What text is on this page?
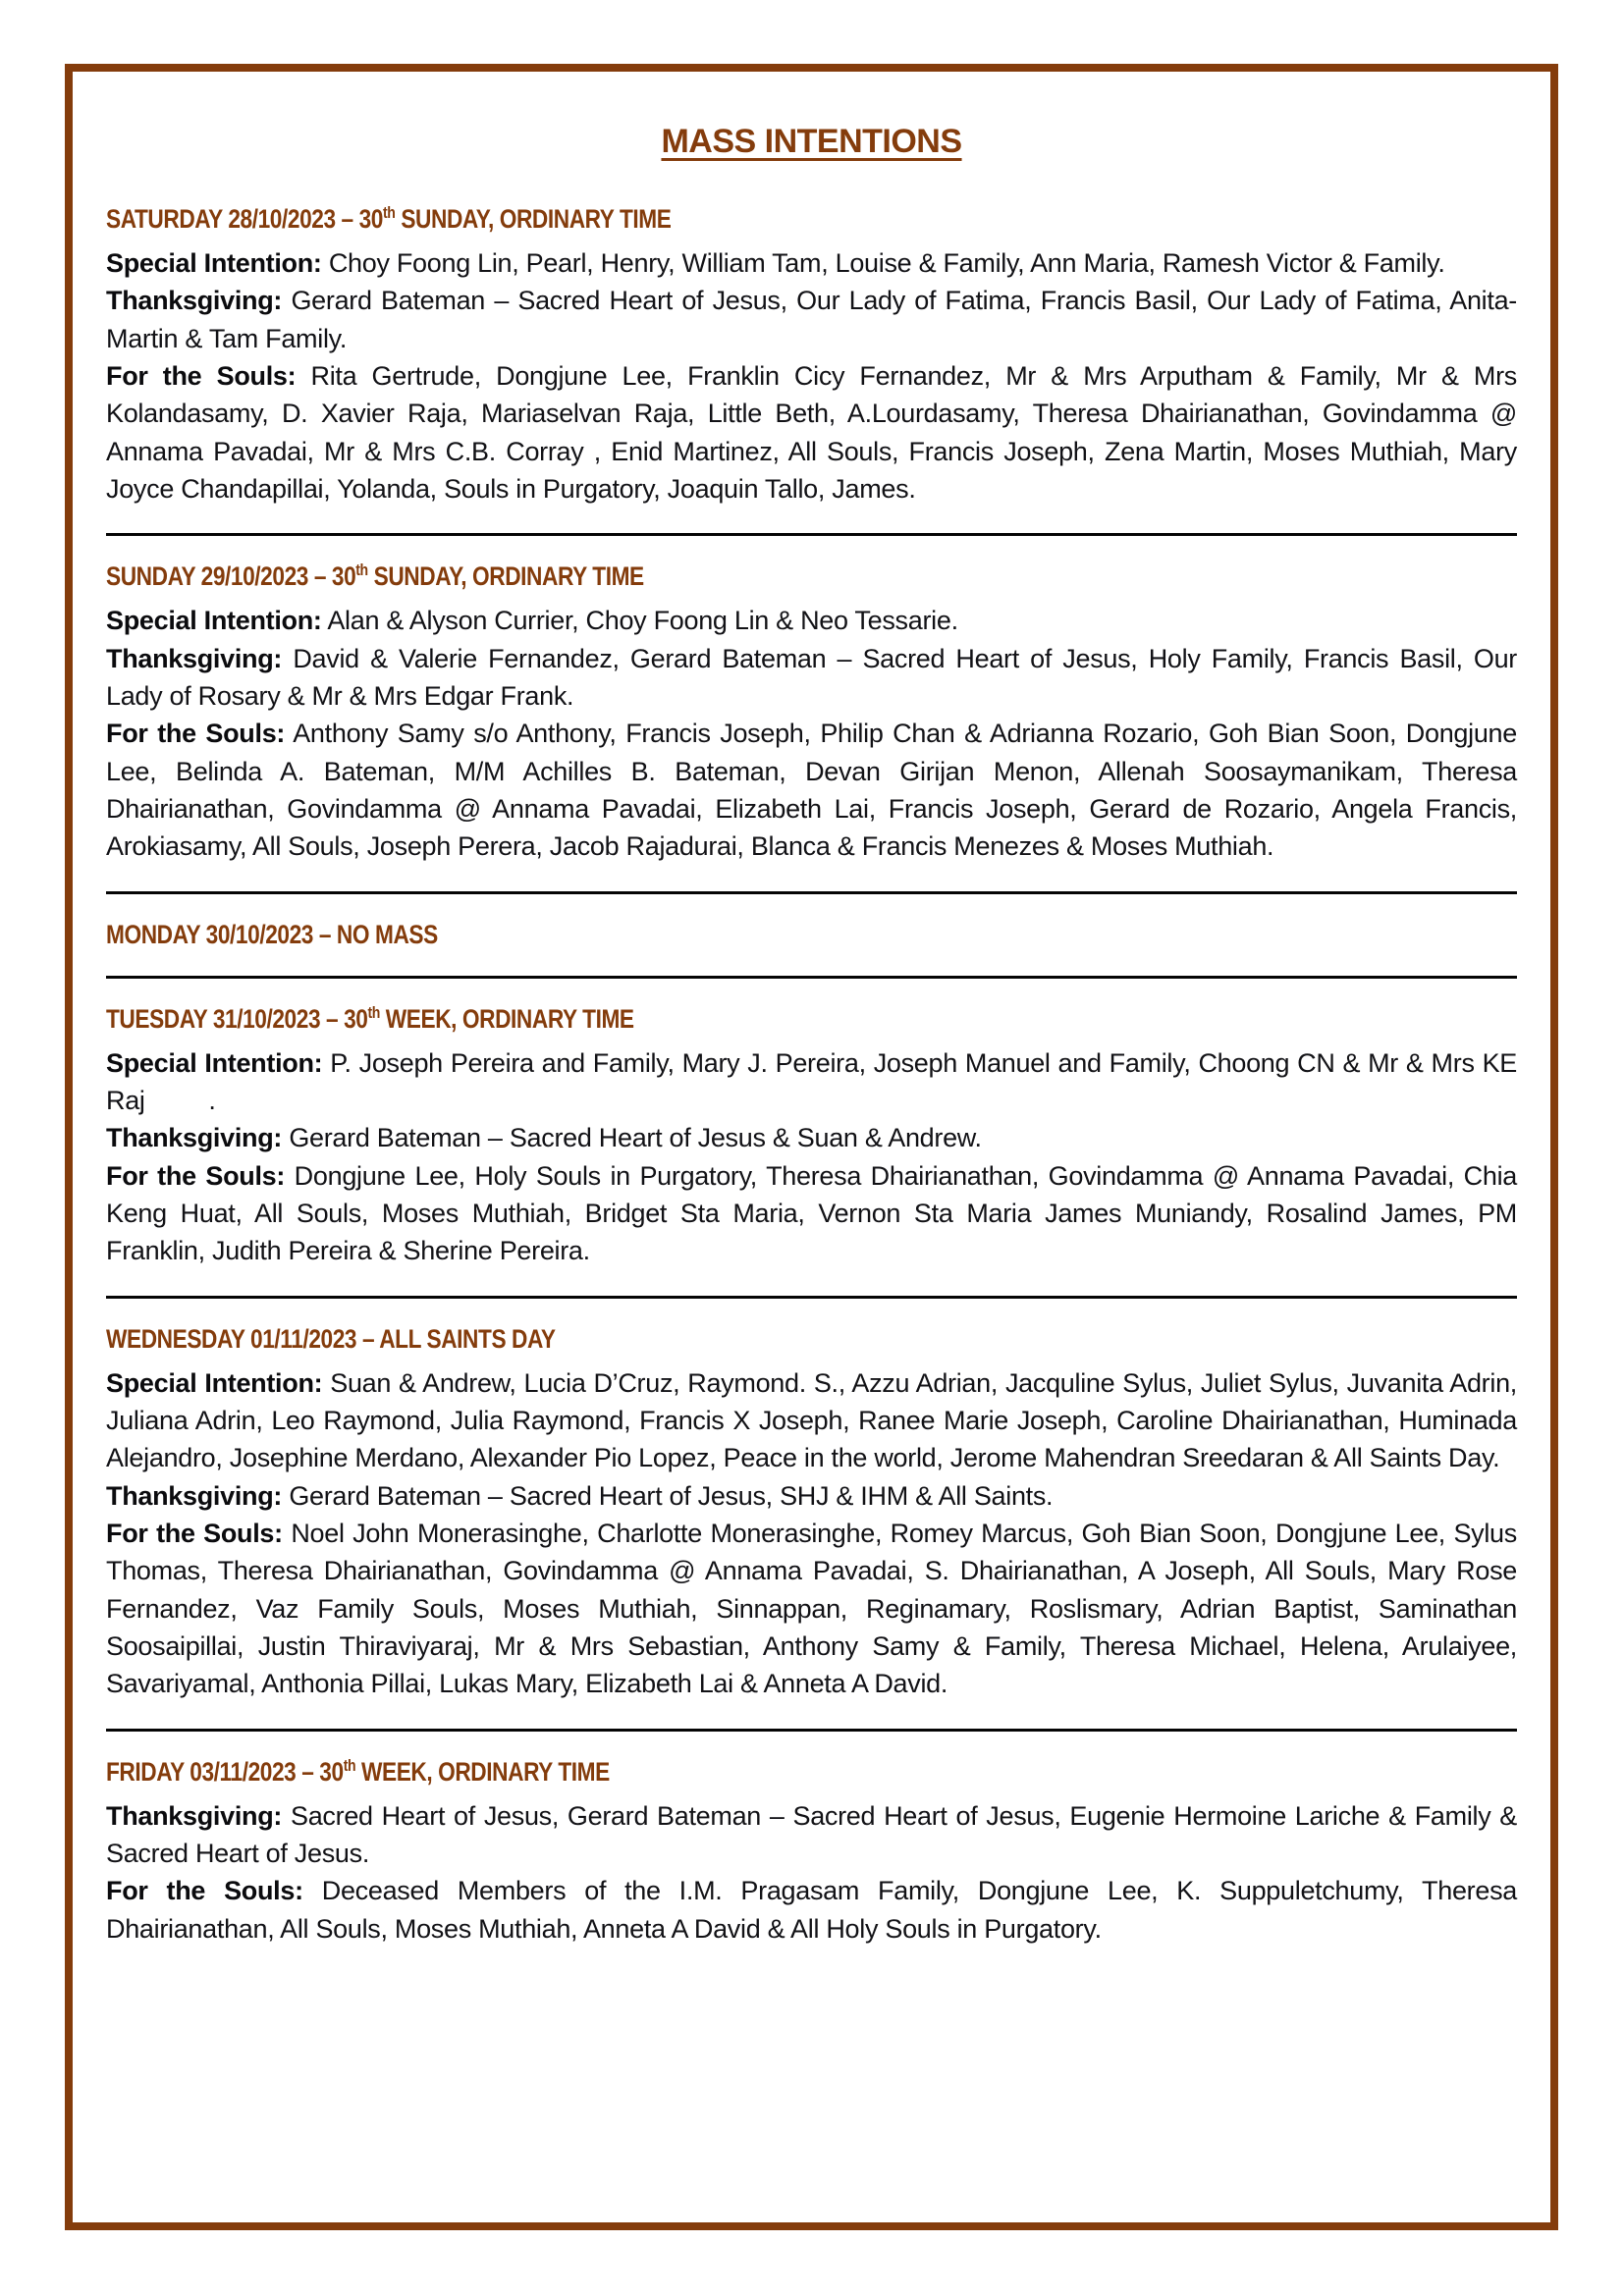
MASS INTENTIONS
SATURDAY 28/10/2023 – 30th SUNDAY, ORDINARY TIME

Special Intention: Choy Foong Lin, Pearl, Henry, William Tam, Louise & Family, Ann Maria, Ramesh Victor & Family.

Thanksgiving: Gerard Bateman – Sacred Heart of Jesus, Our Lady of Fatima, Francis Basil, Our Lady of Fatima, Anita-Martin & Tam Family.

For the Souls: Rita Gertrude, Dongjune Lee, Franklin Cicy Fernandez, Mr & Mrs Arputham & Family, Mr & Mrs Kolandasamy, D. Xavier Raja, Mariaselvan Raja, Little Beth, A.Lourdasamy, Theresa Dhairianathan, Govindamma @ Annama Pavadai, Mr & Mrs C.B. Corray , Enid Martinez, All Souls, Francis Joseph, Zena Martin, Moses Muthiah, Mary Joyce Chandapillai, Yolanda, Souls in Purgatory, Joaquin Tallo, James.

SUNDAY 29/10/2023 – 30th SUNDAY, ORDINARY TIME

Special Intention: Alan & Alyson Currier, Choy Foong Lin & Neo Tessarie.

Thanksgiving: David & Valerie Fernandez, Gerard Bateman – Sacred Heart of Jesus, Holy Family, Francis Basil, Our Lady of Rosary & Mr & Mrs Edgar Frank.

For the Souls: Anthony Samy s/o Anthony, Francis Joseph, Philip Chan & Adrianna Rozario, Goh Bian Soon, Dongjune Lee, Belinda A. Bateman, M/M Achilles B. Bateman, Devan Girijan Menon, Allenah Soosaymanikam, Theresa Dhairianathan, Govindamma @ Annama Pavadai, Elizabeth Lai, Francis Joseph, Gerard de Rozario, Angela Francis, Arokiasamy, All Souls, Joseph Perera, Jacob Rajadurai, Blanca & Francis Menezes & Moses Muthiah.

MONDAY 30/10/2023 – NO MASS
TUESDAY 31/10/2023 – 30th WEEK, ORDINARY TIME

Special Intention: P. Joseph Pereira and Family, Mary J. Pereira, Joseph Manuel and Family, Choong CN & Mr & Mrs KE Raj         .

Thanksgiving: Gerard Bateman – Sacred Heart of Jesus & Suan & Andrew.

For the Souls: Dongjune Lee, Holy Souls in Purgatory, Theresa Dhairianathan, Govindamma @ Annama Pavadai, Chia Keng Huat, All Souls, Moses Muthiah, Bridget Sta Maria, Vernon Sta Maria James Muniandy, Rosalind James, PM Franklin, Judith Pereira & Sherine Pereira.

WEDNESDAY 01/11/2023 – ALL SAINTS DAY

Special Intention: Suan & Andrew, Lucia D’Cruz, Raymond. S., Azzu Adrian, Jacquline Sylus, Juliet Sylus, Juvanita Adrin, Juliana Adrin, Leo Raymond, Julia Raymond, Francis X Joseph, Ranee Marie Joseph, Caroline Dhairianathan, Huminada Alejandro, Josephine Merdano, Alexander Pio Lopez, Peace in the world, Jerome Mahendran Sreedaran & All Saints Day.

Thanksgiving: Gerard Bateman – Sacred Heart of Jesus, SHJ & IHM & All Saints.

For the Souls: Noel John Monerasinghe, Charlotte Monerasinghe, Romey Marcus, Goh Bian Soon, Dongjune Lee, Sylus Thomas, Theresa Dhairianathan, Govindamma @ Annama Pavadai, S. Dhairianathan, A Joseph, All Souls, Mary Rose Fernandez, Vaz Family Souls, Moses Muthiah, Sinnappan, Reginamary, Roslismary, Adrian Baptist, Saminathan Soosaipillai, Justin Thiraviyaraj, Mr & Mrs Sebastian, Anthony Samy & Family, Theresa Michael, Helena, Arulaiyee, Savariyamal, Anthonia Pillai, Lukas Mary, Elizabeth Lai & Anneta A David.

FRIDAY 03/11/2023 – 30th WEEK, ORDINARY TIME

Thanksgiving: Sacred Heart of Jesus, Gerard Bateman – Sacred Heart of Jesus, Eugenie Hermoine Lariche & Family & Sacred Heart of Jesus.

For the Souls: Deceased Members of the I.M. Pragasam Family, Dongjune Lee, K. Suppuletchumy, Theresa Dhairianathan, All Souls, Moses Muthiah, Anneta A David & All Holy Souls in Purgatory.
